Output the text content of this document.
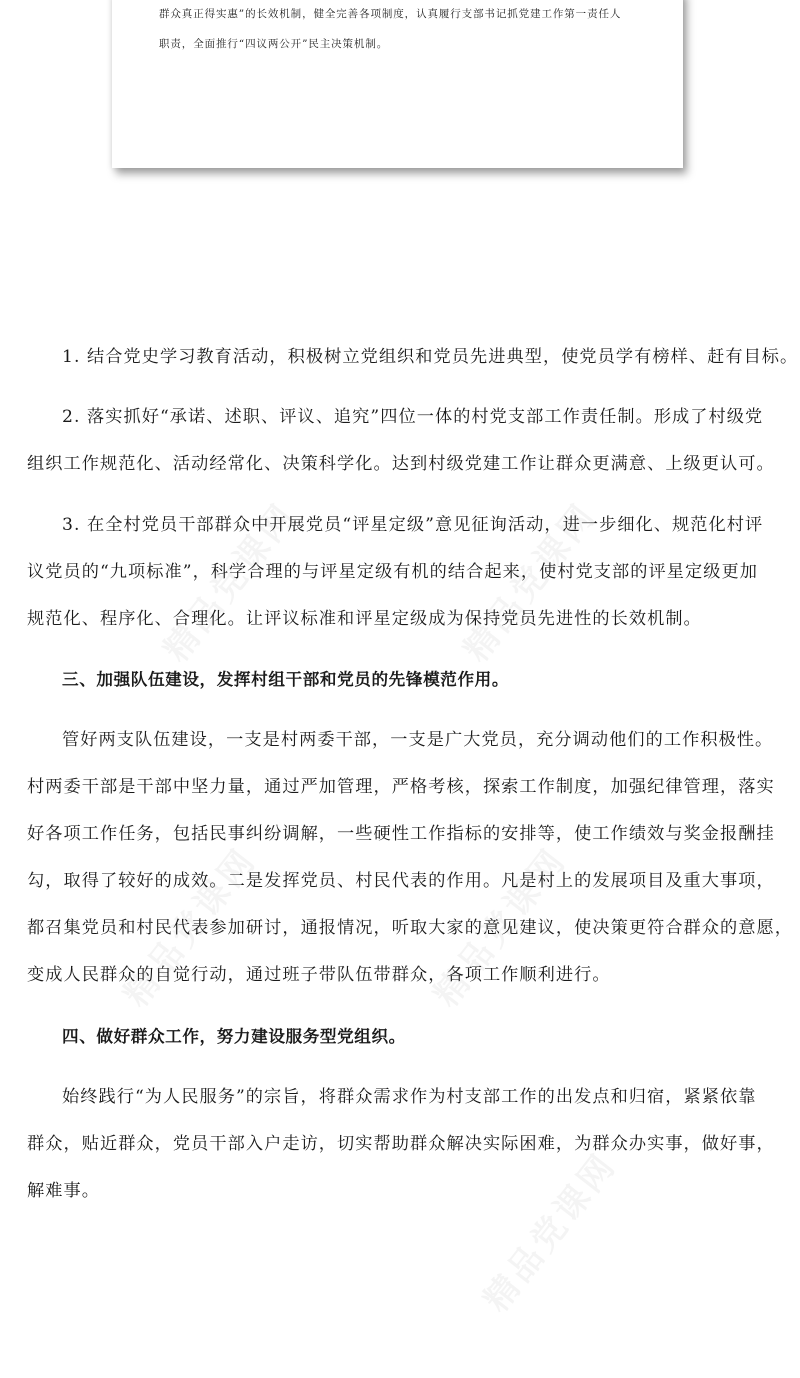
群众真正得实惠”的长效机制，健全完善各项制度，认真履行支部书记抓党建工作第一责任人
职责，全面推行“四议两公开”民主决策机制。
1. 结合党史学习教育活动，积极树立党组织和党员先进典型，使党员学有榜样、赶有目标。
2. 落实抓好“承诺、述职、评议、追究”四位一体的村党支部工作责任制。形成了村级党
组织工作规范化、活动经常化、决策科学化。达到村级党建工作让群众更满意、上级更认可。
3. 在全村党员干部群众中开展党员“评星定级”意见征询活动，进一步细化、规范化村评
议党员的“九项标准”，科学合理的与评星定级有机的结合起来，使村党支部的评星定级更加
规范化、程序化、合理化。让评议标准和评星定级成为保持党员先进性的长效机制。
三、加强队伍建设，发挥村组干部和党员的先锋模范作用。
管好两支队伍建设，一支是村两委干部，一支是广大党员，充分调动他们的工作积极性。
村两委干部是干部中坚力量，通过严加管理，严格考核，探索工作制度，加强纪律管理，落实
好各项工作任务，包括民事纠纷调解，一些硬性工作指标的安排等，使工作绩效与奖金报酬挂
勾，取得了较好的成效。二是发挥党员、村民代表的作用。凡是村上的发展项目及重大事项，
都召集党员和村民代表参加研讨，通报情况，听取大家的意见建议，使决策更符合群众的意愿，
变成人民群众的自觉行动，通过班子带队伍带群众，各项工作顺利进行。
四、做好群众工作，努力建设服务型党组织。
始终践行“为人民服务”的宗旨，将群众需求作为村支部工作的出发点和归宿，紧紧依靠
群众，贴近群众，党员干部入户走访，切实帮助群众解决实际困难，为群众办实事，做好事，
解难事。
